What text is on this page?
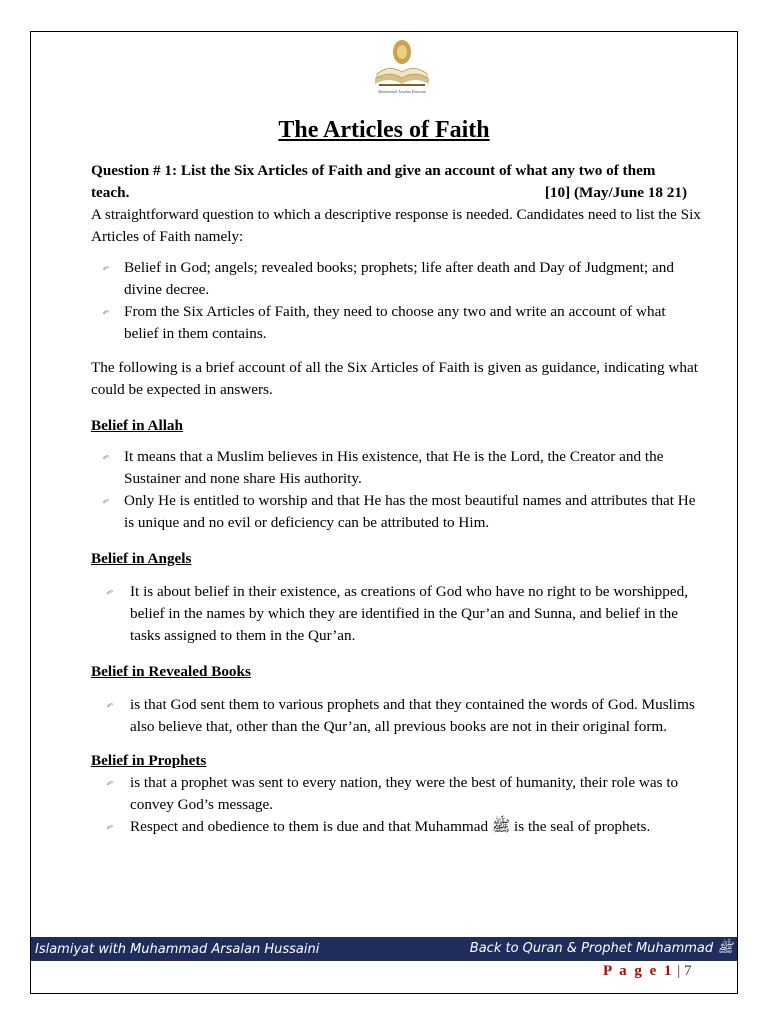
Muhammad Arsalan Hussaini
The Articles of Faith

Question # 1: List the Six Articles of Faith and give an account of what any two of them

teach.	[10] (May/June 18 21)

A straightforward question to which a descriptive response is needed. Candidates need to list the Six Articles of Faith namely:

⸗ᵒ Belief in God; angels; revealed books; prophets; life after death and Day of Judgment; and divine decree.
⸗ᵒ From the Six Articles of Faith, they need to choose any two and write an account of what belief in them contains.

The following is a brief account of all the Six Articles of Faith is given as guidance, indicating what could be expected in answers.

Belief in Allah
⸗ᵒ It means that a Muslim believes in His existence, that He is the Lord, the Creator and the Sustainer and none share His authority.
⸗ᵒ Only He is entitled to worship and that He has the most beautiful names and attributes that He is unique and no evil or deficiency can be attributed to Him.
Belief in Angels
⸗ᵒ It is about belief in their existence, as creations of God who have no right to be worshipped, belief in the names by which they are identified in the Qur’an and Sunna, and belief in the tasks assigned to them in the Qur’an.
Belief in Revealed Books
⸗ᵒ is that God sent them to various prophets and that they contained the words of God. Muslims also believe that, other than the Qur’an, all previous books are not in their original form.
Belief in Prophets
⸗ᵒ is that a prophet was sent to every nation, they were the best of humanity, their role was to convey God’s message.
⸗ᵒ Respect and obedience to them is due and that Muhammad ﷺ is the seal of prophets.
Islamiyat with Muhammad Arsalan Hussaini	Back to Quran & Prophet Muhammad ﷺ
P a g e 1 | 7
